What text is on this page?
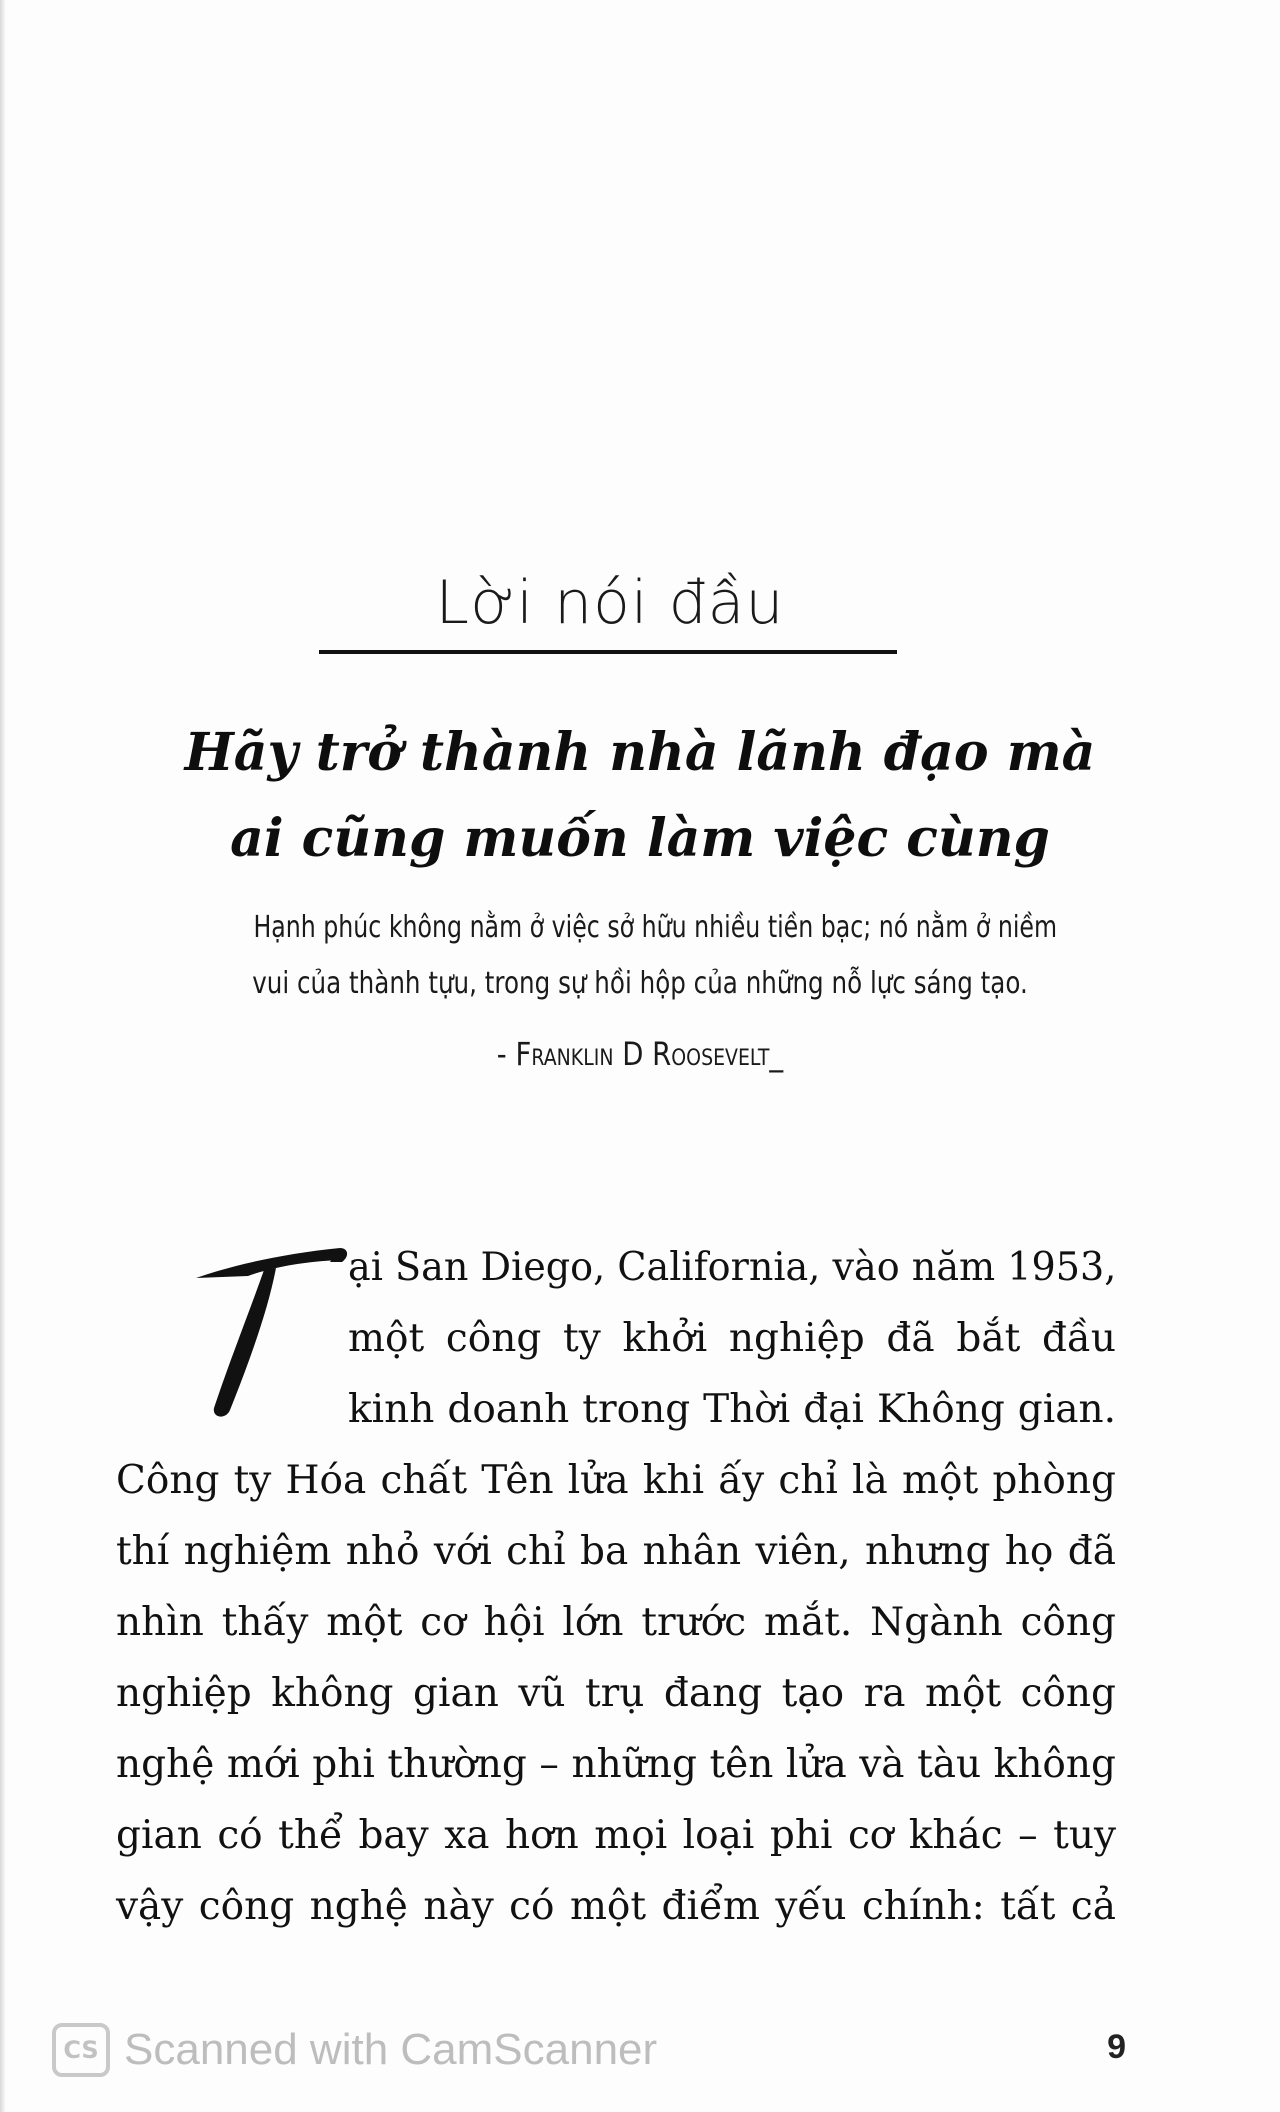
Lời nói đầu
Hãy trở thành nhà lãnh đạo mà
ai cũng muốn làm việc cùng
Hạnh phúc không nằm ở việc sở hữu nhiều tiền bạc; nó nằm ở niềm
vui của thành tựu, trong sự hồi hộp của những nỗ lực sáng tạo.
- Franklin D Roosevelt_
ại San Diego, California, vào năm 1953,
một công ty khởi nghiệp đã bắt đầu
kinh doanh trong Thời đại Không gian.
Công ty Hóa chất Tên lửa khi ấy chỉ là một phòng
thí nghiệm nhỏ với chỉ ba nhân viên, nhưng họ đã
nhìn thấy một cơ hội lớn trước mắt. Ngành công
nghiệp không gian vũ trụ đang tạo ra một công
nghệ mới phi thường – những tên lửa và tàu không
gian có thể bay xa hơn mọi loại phi cơ khác – tuy
vậy công nghệ này có một điểm yếu chính: tất cả
CS Scanned with CamScanner	9
